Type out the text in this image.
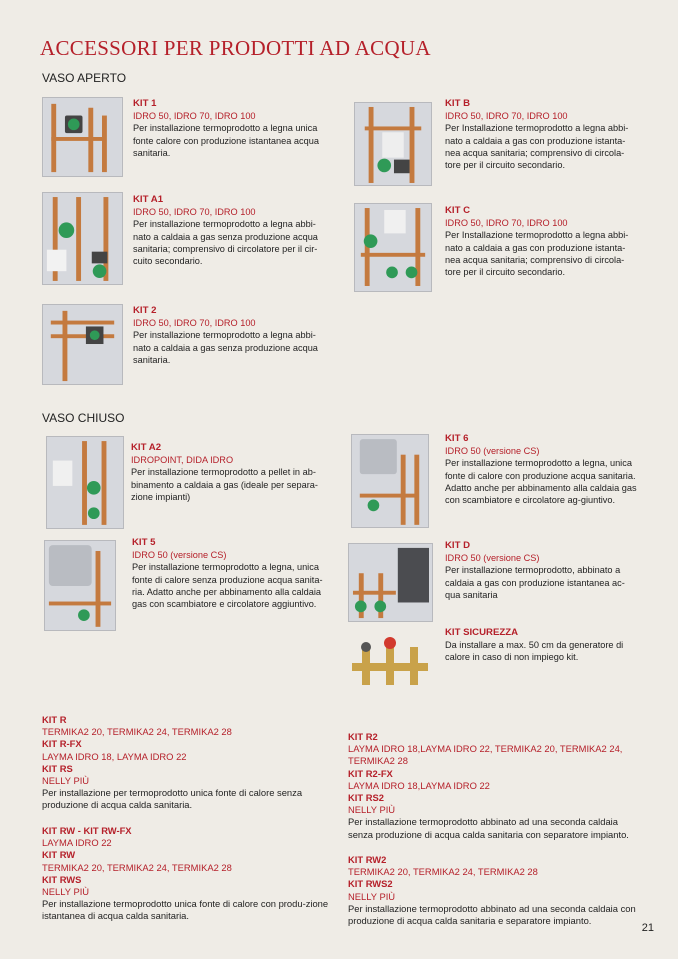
ACCESSORI PER PRODOTTI AD ACQUA
VASO APERTO
VASO CHIUSO
KIT 1
IDRO 50, IDRO 70, IDRO 100
Per installazione termoprodotto a legna unica fonte calore con produzione istantanea acqua sanitaria.
KIT B
IDRO 50, IDRO 70, IDRO 100
Per Installazione termoprodotto a legna abbi-nato a caldaia a gas con produzione istanta-nea acqua sanitaria; comprensivo di circola-tore per il circuito secondario.
KIT A1
IDRO 50, IDRO 70, IDRO 100
Per installazione termoprodotto a legna abbi-nato a caldaia a gas senza produzione acqua sanitaria; comprensivo di circolatore per il cir-cuito secondario.
KIT C
IDRO 50, IDRO 70, IDRO 100
Per Installazione termoprodotto a legna abbi-nato a caldaia a gas con produzione istanta-nea acqua sanitaria; comprensivo di circola-tore per il circuito secondario.
KIT 2
IDRO 50, IDRO 70, IDRO 100
Per installazione termoprodotto a legna abbi-nato a caldaia a gas senza produzione acqua sanitaria.
KIT A2
IDROPOINT, DIDA IDRO
Per installazione termoprodotto a pellet in ab-binamento a caldaia a gas (ideale per separa-zione impianti)
KIT 6
IDRO 50 (versione CS)
Per installazione termoprodotto a legna, unica fonte di calore con produzione acqua sanitaria. Adatto anche per abbinamento alla caldaia gas con scambiatore e circolatore ag-giuntivo.
KIT 5
IDRO 50 (versione CS)
Per installazione termoprodotto a legna, unica fonte di calore senza produzione acqua sanita-ria. Adatto anche per abbinamento alla caldaia gas con scambiatore e circolatore aggiuntivo.
KIT D
IDRO 50 (versione CS)
Per installazione termoprodotto, abbinato a caldaia a gas con produzione istantanea ac-qua sanitaria
KIT SICUREZZA
Da installare a max. 50 cm da generatore di calore in caso di non impiego kit.
KIT R
TERMIKA2 20, TERMIKA2 24, TERMIKA2 28
KIT R-FX
LAYMA IDRO 18, LAYMA IDRO 22
KIT RS
NELLY PIÙ
Per installazione per termoprodotto unica fonte di calore senza produzione di acqua calda sanitaria.
KIT RW - KIT RW-FX
LAYMA IDRO 22
KIT RW
TERMIKA2 20, TERMIKA2 24, TERMIKA2 28
KIT RWS
NELLY PIÙ
Per installazione termoprodotto unica fonte di calore con produ-zione istantanea di acqua calda sanitaria.
KIT R2
LAYMA IDRO 18,LAYMA IDRO 22, TERMIKA2 20, TERMIKA2 24, TERMIKA2 28
KIT R2-FX
LAYMA IDRO 18,LAYMA IDRO 22
KIT RS2
NELLY PIÙ
Per installazione termoprodotto abbinato ad una seconda caldaia senza produzione di acqua calda sanitaria con separatore impianto.
KIT RW2
TERMIKA2 20, TERMIKA2 24, TERMIKA2 28
KIT RWS2
NELLY PIÙ
Per installazione termoprodotto abbinato ad una seconda caldaia con produzione di acqua calda sanitaria e separatore impianto.
21
